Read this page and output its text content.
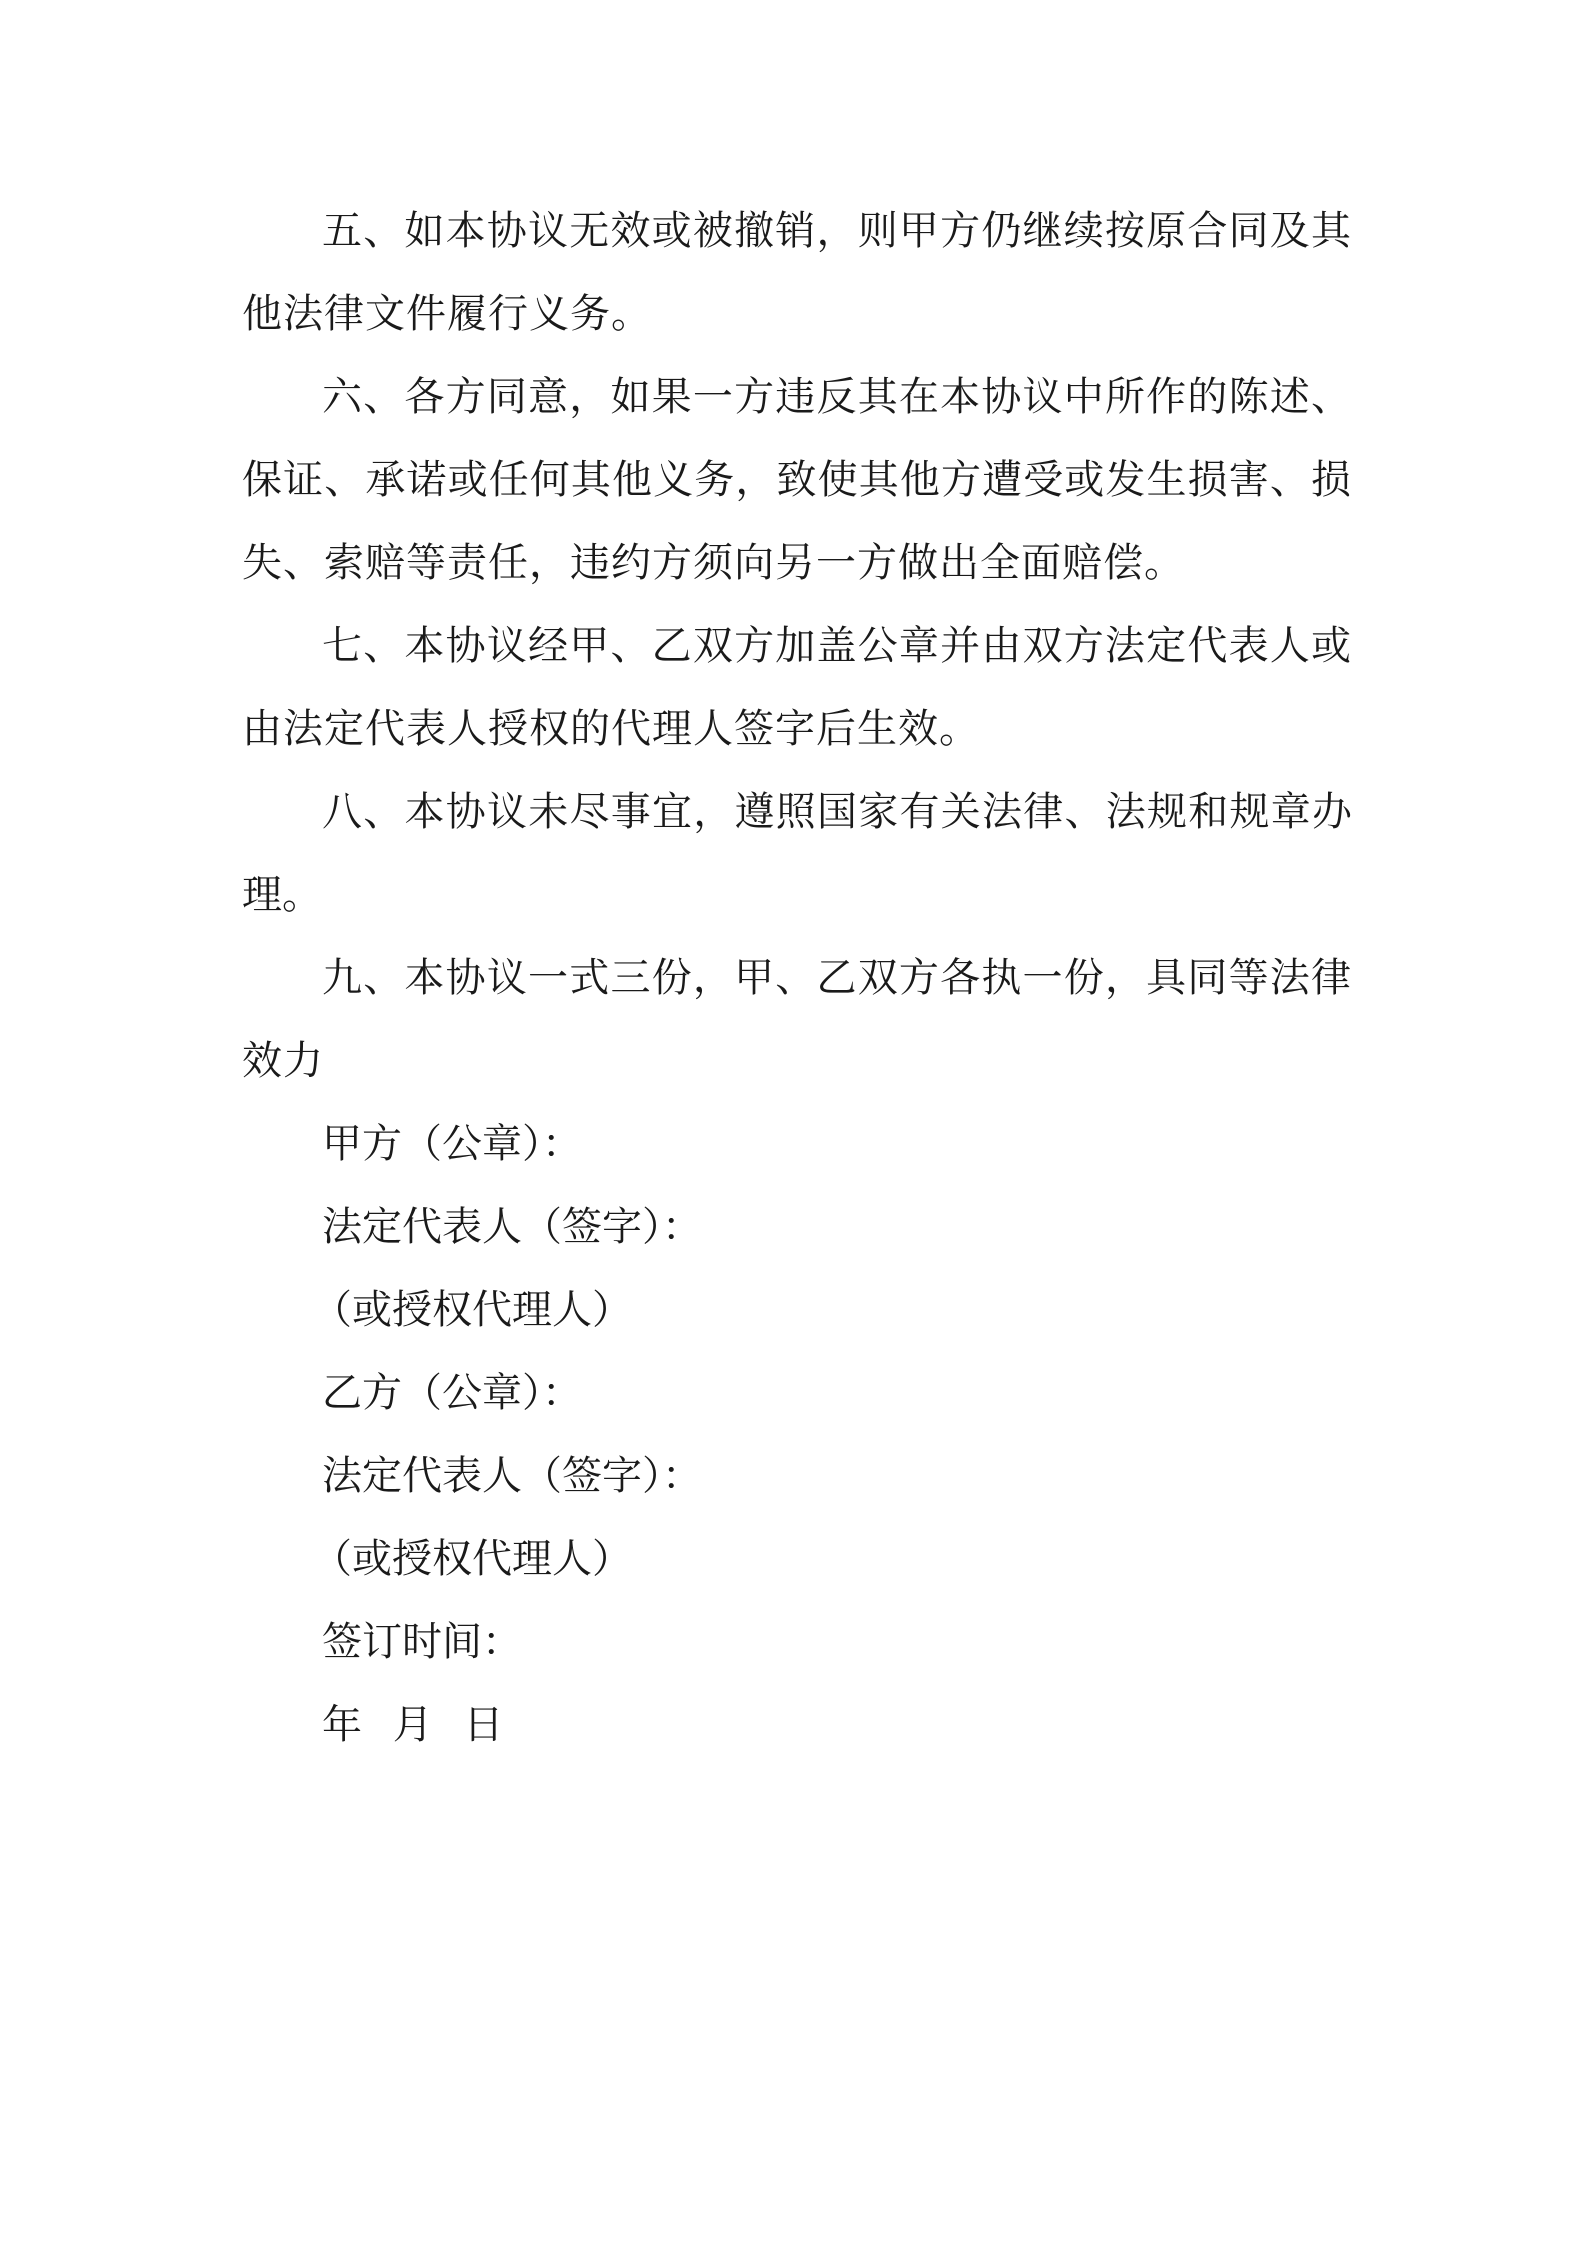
五、如本协议无效或被撤销，则甲方仍继续按原合同及其他法律文件履行义务。

六、各方同意，如果一方违反其在本协议中所作的陈述、保证、承诺或任何其他义务，致使其他方遭受或发生损害、损失、索赔等责任，违约方须向另一方做出全面赔偿。

七、本协议经甲、乙双方加盖公章并由双方法定代表人或由法定代表人授权的代理人签字后生效。

八、本协议未尽事宜，遵照国家有关法律、法规和规章办理。

九、本协议一式三份，甲、乙双方各执一份，具同等法律效力

甲方（公章）：

法定代表人（签字）：

（或授权代理人）

乙方（公章）：

法定代表人（签字）：

（或授权代理人）

签订时间：

年 月 日
